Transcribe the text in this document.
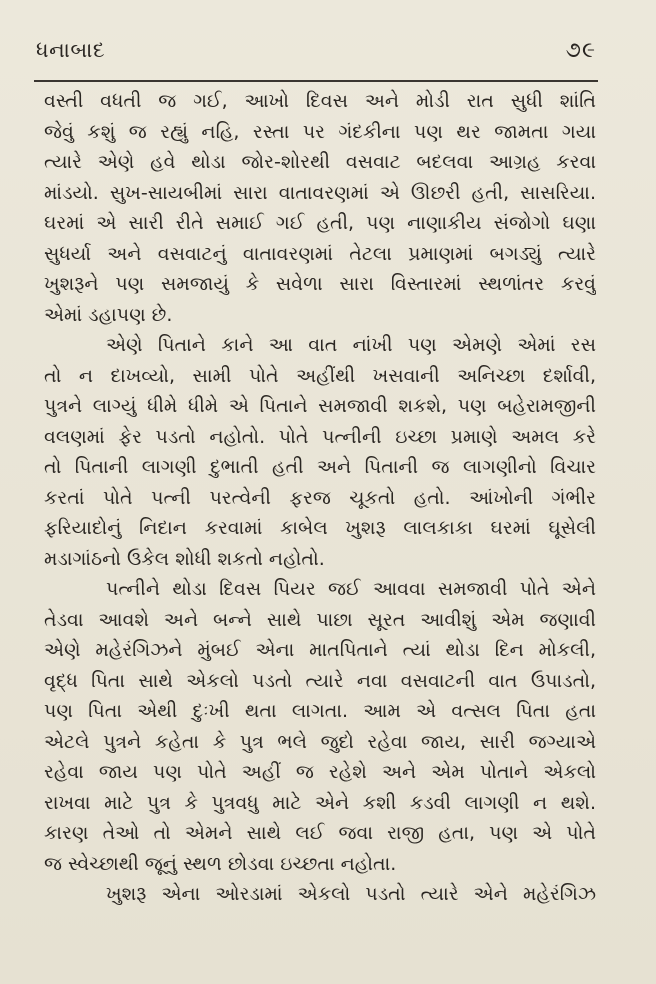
ધનાબાદ	૭૯

વસ્તી વધતી જ ગઈ, આખો દિવસ અને મોડી રાત સુધી શાંતિ
જેવું કશું જ રહ્યું નહિ, રસ્તા પર ગંદકીના પણ થર જામતા ગયા
ત્યારે એણે હવે થોડા જોર-શોરથી વસવાટ બદલવા આગ્રહ કરવા
માંડયો. સુખ-સાયબીમાં સારા વાતાવરણમાં એ ઊછરી હતી, સાસરિયા.
ઘરમાં એ સારી રીતે સમાઈ ગઈ હતી, પણ નાણાકીય સંજોગો ઘણા
સુધર્યા અને વસવાટનું વાતાવરણમાં તેટલા પ્રમાણમાં બગડ્યું ત્યારે
ખુશરૂને પણ સમજાયું કે સવેળા સારા વિસ્તારમાં સ્થળાંતર કરવું
એમાં ડહાપણ છે.

એણે પિતાને કાને આ વાત નાંખી પણ એમણે એમાં રસ
તો ન દાખવ્યો, સામી પોતે અહીંથી ખસવાની અનિચ્છા દર્શાવી,
પુત્રને લાગ્યું ધીમે ધીમે એ પિતાને સમજાવી શકશે, પણ બહેરામજીની
વલણમાં ફેર પડતો નહોતો. પોતે પત્નીની ઇચ્છા પ્રમાણે અમલ કરે
તો પિતાની લાગણી દુભાતી હતી અને પિતાની જ લાગણીનો વિચાર
કરતાં પોતે પત્ની પરત્વેની ફરજ ચૂકતો હતો. આંખોની ગંભીર
ફરિયાદોનું નિદાન કરવામાં કાબેલ ખુશરૂ લાલકાકા ઘરમાં ઘૂસેલી
મડાગાંઠનો ઉકેલ શોધી શકતો નહોતો.

પત્નીને થોડા દિવસ પિયર જઈ આવવા સમજાવી પોતે એને
તેડવા આવશે અને બન્ને સાથે પાછા સૂરત આવીશું એમ જણાવી
એણે મહેરંગિઝને મુંબઈ એના માતપિતાને ત્યાં થોડા દિન મોકલી,
વૃદ્ધ પિતા સાથે એકલો પડતો ત્યારે નવા વસવાટની વાત ઉપાડતો,
પણ પિતા એથી દુઃખી થતા લાગતા. આમ એ વત્સલ પિતા હતા
એટલે પુત્રને કહેતા કે પુત્ર ભલે જુદો રહેવા જાય, સારી જગ્યાએ
રહેવા જાય પણ પોતે અહીં જ રહેશે અને એમ પોતાને એકલો
રાખવા માટે પુત્ર કે પુત્રવધુ માટે એને કશી કડવી લાગણી ન થશે.
કારણ તેઓ તો એમને સાથે લઈ જવા રાજી હતા, પણ એ પોતે
જ સ્વેચ્છાથી જૂનું સ્થળ છોડવા ઇચ્છતા નહોતા.

ખુશરૂ એના ઓરડામાં એકલો પડતો ત્યારે એને મહેરંગિઝ
